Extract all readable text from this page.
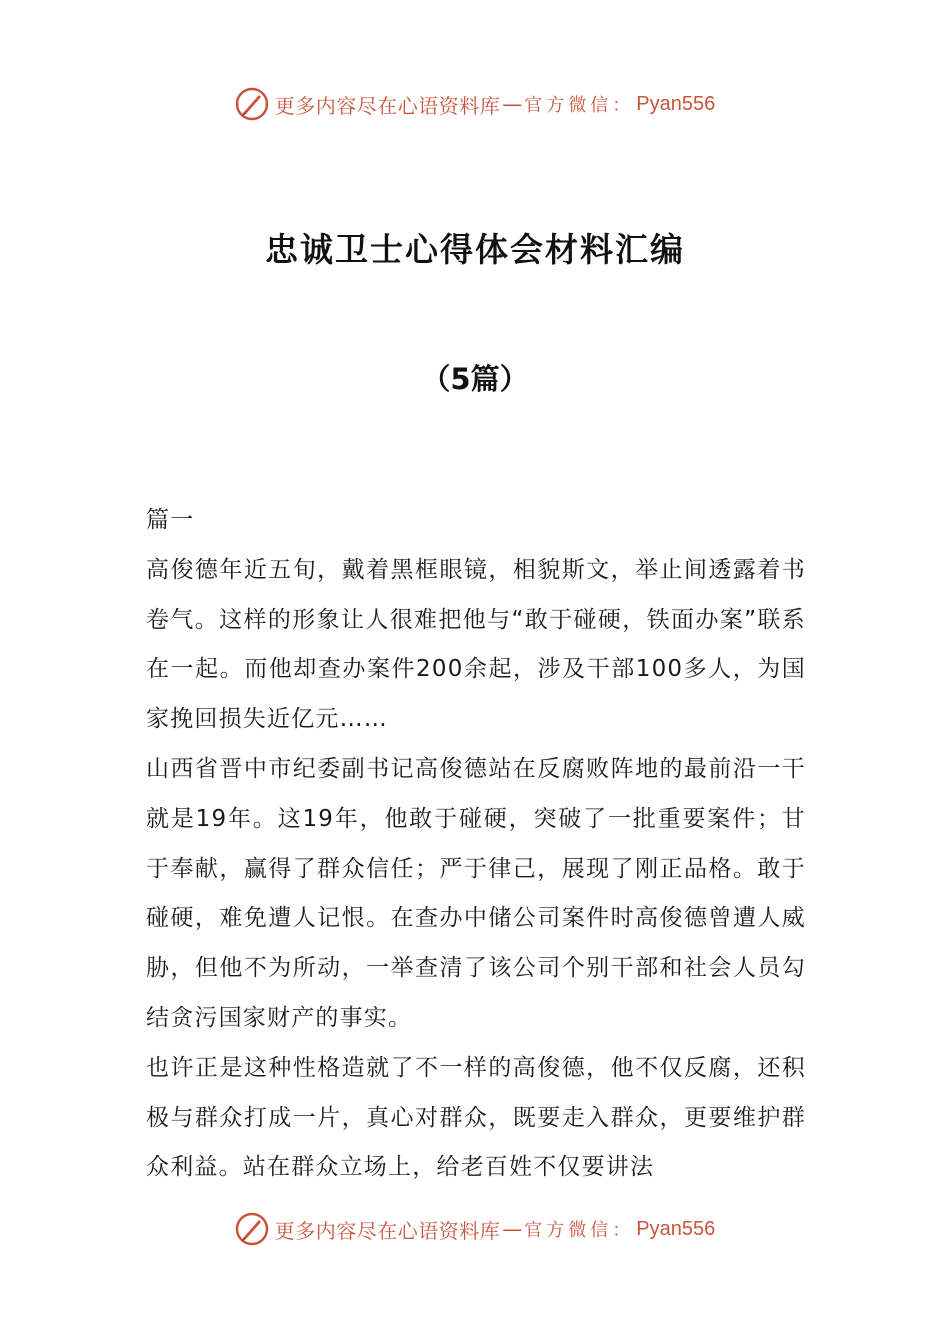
更多内容尽在心语资料库 — 官方微信： Pyan556
忠诚卫士心得体会材料汇编
（5篇）

篇一

高俊德年近五旬，戴着黑框眼镜，相貌斯文，举止间透露着书卷气。这样的形象让人很难把他与“敢于碰硬，铁面办案”联系在一起。而他却查办案件200余起，涉及干部100多人，为国家挽回损失近亿元……

山西省晋中市纪委副书记高俊德站在反腐败阵地的最前沿一干就是19年。这19年，他敢于碰硬，突破了一批重要案件；甘于奉献，赢得了群众信任；严于律己，展现了刚正品格。敢于碰硬，难免遭人记恨。在查办中储公司案件时高俊德曾遭人威胁，但他不为所动，一举查清了该公司个别干部和社会人员勾结贪污国家财产的事实。

也许正是这种性格造就了不一样的高俊德，他不仅反腐，还积极与群众打成一片，真心对群众，既要走入群众，更要维护群众利益。站在群众立场上，给老百姓不仅要讲法

更多内容尽在心语资料库 — 官方微信： Pyan556
